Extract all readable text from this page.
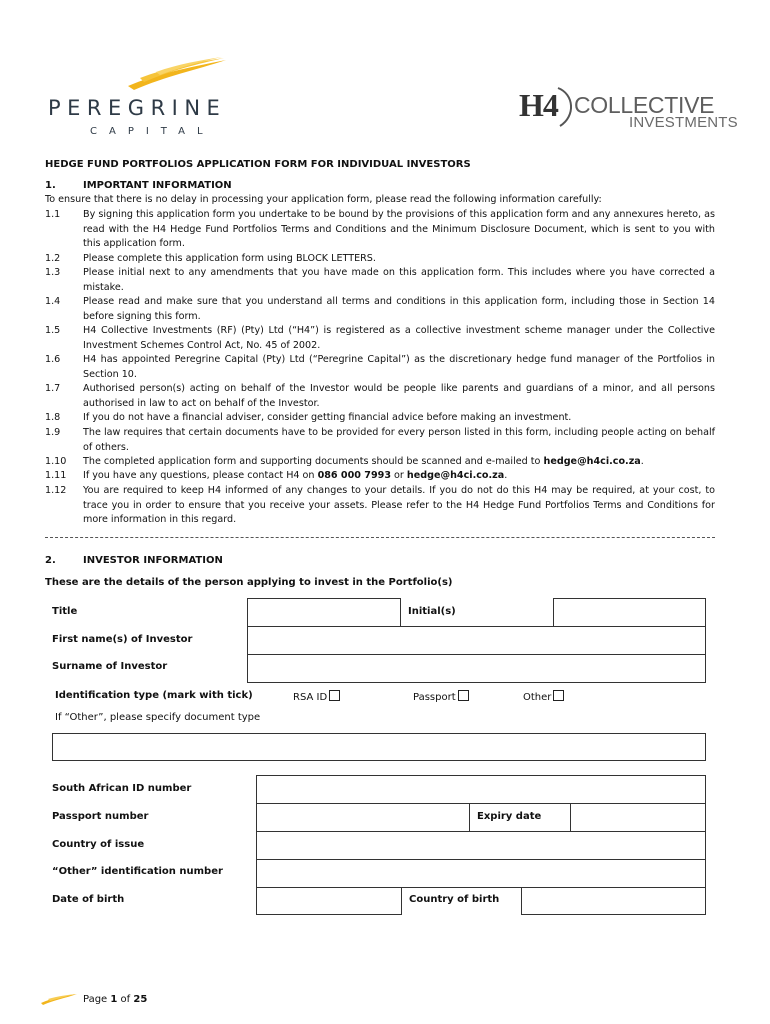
PEREGRINE
CAPITAL
H4 COLLECTIVE
INVESTMENTS
HEDGE FUND PORTFOLIOS APPLICATION FORM FOR INDIVIDUAL INVESTORS
1.	IMPORTANT INFORMATION
To ensure that there is no delay in processing your application form, please read the following information carefully:
1.1 By signing this application form you undertake to be bound by the provisions of this application form and any annexures hereto, as read with the H4 Hedge Fund Portfolios Terms and Conditions and the Minimum Disclosure Document, which is sent to you with this application form.
1.2 Please complete this application form using BLOCK LETTERS.
1.3 Please initial next to any amendments that you have made on this application form. This includes where you have corrected a mistake.
1.4 Please read and make sure that you understand all terms and conditions in this application form, including those in Section 14 before signing this form.
1.5 H4 Collective Investments (RF) (Pty) Ltd (“H4”) is registered as a collective investment scheme manager under the Collective Investment Schemes Control Act, No. 45 of 2002.
1.6 H4 has appointed Peregrine Capital (Pty) Ltd (“Peregrine Capital”) as the discretionary hedge fund manager of the Portfolios in Section 10.
1.7 Authorised person(s) acting on behalf of the Investor would be people like parents and guardians of a minor, and all persons authorised in law to act on behalf of the Investor.
1.8 If you do not have a financial adviser, consider getting financial advice before making an investment.
1.9 The law requires that certain documents have to be provided for every person listed in this form, including people acting on behalf of others.
1.10 The completed application form and supporting documents should be scanned and e-mailed to hedge@h4ci.co.za.
1.11 If you have any questions, please contact H4 on 086 000 7993 or hedge@h4ci.co.za.
1.12 You are required to keep H4 informed of any changes to your details. If you do not do this H4 may be required, at your cost, to trace you in order to ensure that you receive your assets. Please refer to the H4 Hedge Fund Portfolios Terms and Conditions for more information in this regard.
2.	INVESTOR INFORMATION
These are the details of the person applying to invest in the Portfolio(s)
Title	Initial(s)
First name(s) of Investor
Surname of Investor
Identification type (mark with tick)	RSA ID	Passport	Other
If “Other”, please specify document type
South African ID number
Passport number	Expiry date
Country of issue
“Other” identification number
Date of birth	Country of birth
Page 1 of 25
